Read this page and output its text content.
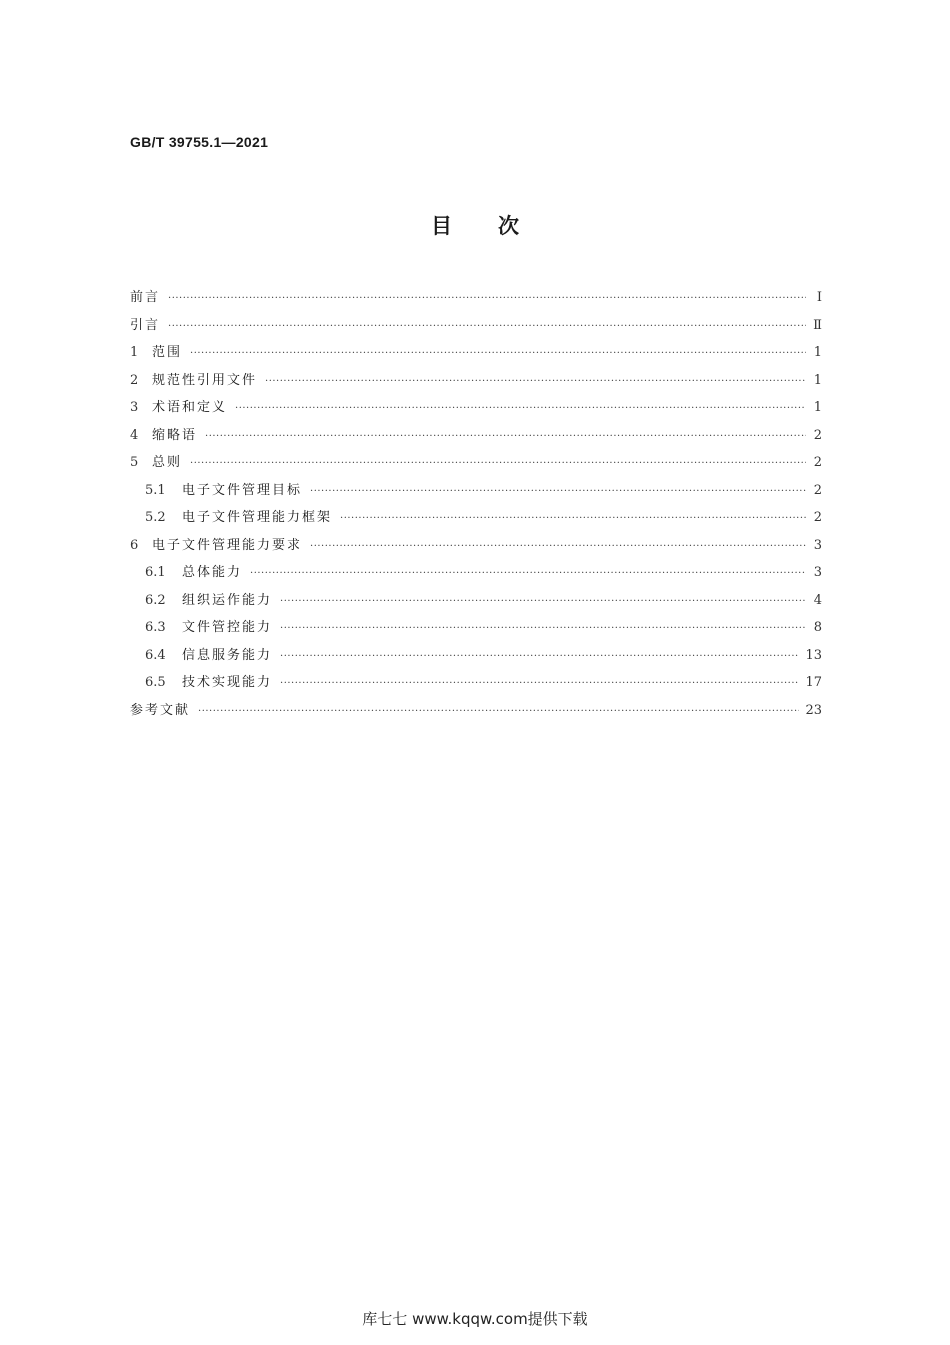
GB/T 39755.1—2021
目 次
前言 ·····	Ⅰ
引言 ·····	Ⅱ
1	范围 ·····	1
2	规范性引用文件 ·····	1
3	术语和定义 ·····	1
4	缩略语 ·····	2
5	总则 ·····	2
5.1	电子文件管理目标 ·····	2
5.2	电子文件管理能力框架 ·····	2
6	电子文件管理能力要求 ·····	3
6.1	总体能力 ·····	3
6.2	组织运作能力 ·····	4
6.3	文件管控能力 ·····	8
6.4	信息服务能力 ·····	13
6.5	技术实现能力 ·····	17
参考文献 ·····	23
库七七 www.kqqw.com提供下载
